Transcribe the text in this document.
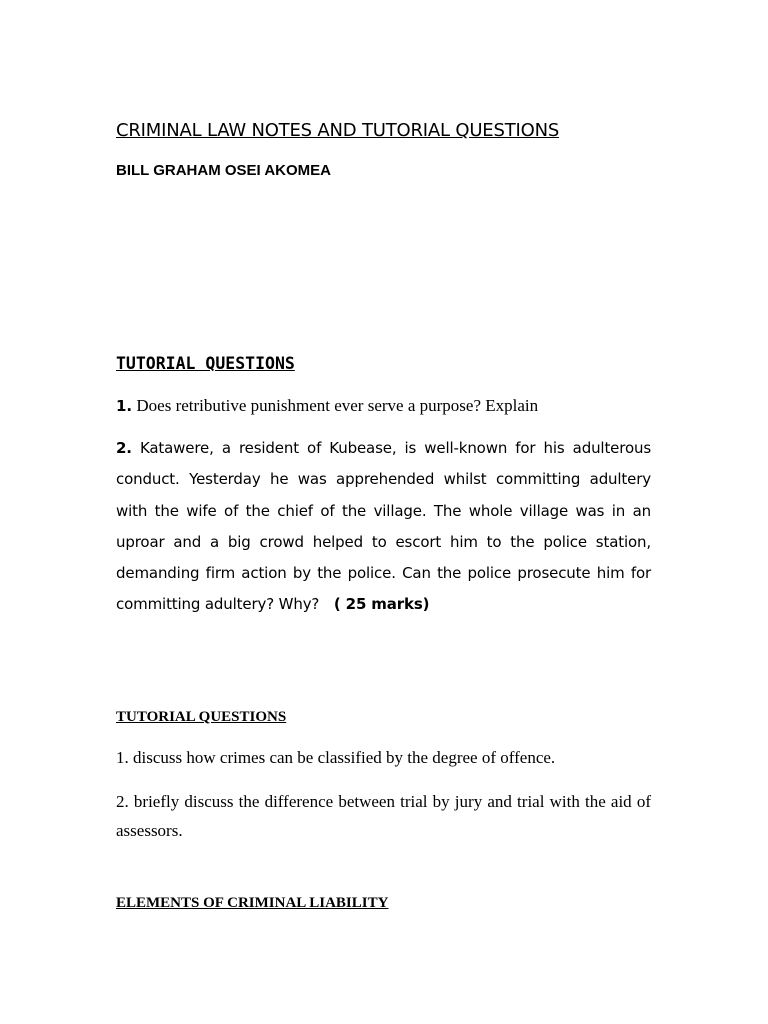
CRIMINAL LAW NOTES AND TUTORIAL QUESTIONS
BILL GRAHAM OSEI AKOMEA
TUTORIAL QUESTIONS

1. Does retributive punishment ever serve a purpose? Explain

2. Katawere, a resident of Kubease, is well-known for his adulterous conduct. Yesterday he was apprehended whilst committing adultery with the wife of the chief of the village. The whole village was in an uproar and a big crowd helped to escort him to the police station, demanding firm action by the police. Can the police prosecute him for committing adultery? Why? ( 25 marks)

TUTORIAL QUESTIONS

1. discuss how crimes can be classified by the degree of offence.

2. briefly discuss the difference between trial by jury and trial with the aid of assessors.

ELEMENTS OF CRIMINAL LIABILITY
